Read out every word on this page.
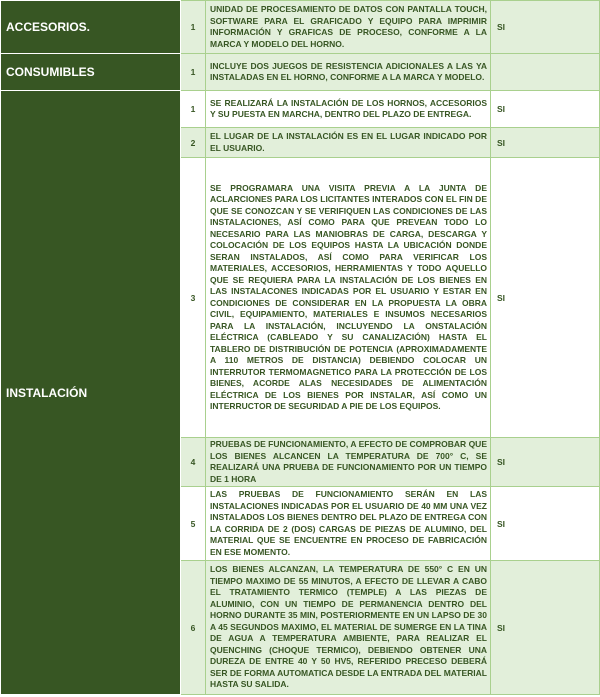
ACCESORIOS.	1	UNIDAD DE PROCESAMIENTO DE DATOS CON PANTALLA TOUCH, SOFTWARE PARA EL GRAFICADO Y EQUIPO PARA IMPRIMIR INFORMACIÓN Y GRAFICAS DE PROCESO, CONFORME A LA MARCA Y MODELO DEL HORNO.	SI
CONSUMIBLES	1	INCLUYE DOS JUEGOS DE RESISTENCIA ADICIONALES A LAS YA INSTALADAS EN EL HORNO, CONFORME A LA MARCA Y MODELO.	
INSTALACIÓN	1	SE REALIZARÁ LA INSTALACIÓN DE LOS HORNOS, ACCESORIOS Y SU PUESTA EN MARCHA, DENTRO DEL PLAZO DE ENTREGA.	SI
	2	EL LUGAR DE LA INSTALACIÓN ES EN EL LUGAR INDICADO POR EL USUARIO.	SI
	3	SE PROGRAMARA UNA VISITA PREVIA A LA JUNTA DE ACLARCIONES PARA LOS LICITANTES INTERADOS CON EL FIN DE QUE SE CONOZCAN Y SE VERIFIQUEN LAS CONDICIONES DE LAS INSTALACIONES, ASÍ COMO PARA QUE PREVEAN TODO LO NECESARIO PARA LAS MANIOBRAS DE CARGA, DESCARGA Y COLOCACIÓN DE LOS EQUIPOS HASTA LA UBICACIÓN DONDE SERAN INSTALADOS, ASÍ COMO PARA VERIFICAR LOS MATERIALES, ACCESORIOS, HERRAMIENTAS Y TODO AQUELLO QUE SE REQUIERA PARA LA INSTALACIÓN DE LOS BIENES EN LAS INSTALACONES INDICADAS POR EL USUARIO Y ESTAR EN CONDICIONES DE CONSIDERAR EN LA PROPUESTA LA OBRA CIVIL, EQUIPAMIENTO, MATERIALES E INSUMOS NECESARIOS PARA LA INSTALACIÓN, INCLUYENDO LA ONSTALACIÓN ELÉCTRICA (CABLEADO Y SU CANALIZACIÓN) HASTA EL TABLERO DE DISTRIBUCIÓN DE POTENCIA (APROXIMADAMENTE A 110 METROS DE DISTANCIA) DEBIENDO COLOCAR UN INTERRUTOR TERMOMAGNETICO PARA LA PROTECCIÓN DE LOS BIENES, ACORDE ALAS NECESIDADES DE ALIMENTACIÓN ELÉCTRICA DE LOS BIENES POR INSTALAR, ASÍ COMO UN INTERRUCTOR DE SEGURIDAD A PIE DE LOS EQUIPOS.	SI
	4	PRUEBAS DE FUNCIONAMIENTO, A EFECTO DE COMPROBAR QUE LOS BIENES ALCANCEN LA TEMPERATURA DE 700° C, SE REALIZARÁ UNA PRUEBA DE FUNCIONAMIENTO POR UN TIEMPO DE 1 HORA	SI
	5	LAS PRUEBAS DE FUNCIONAMIENTO SERÁN EN LAS INSTALACIONES INDICADAS POR EL USUARIO DE 40 MM UNA VEZ INSTALADOS LOS BIENES DENTRO DEL PLAZO DE ENTREGA CON LA CORRIDA DE 2 (DOS) CARGAS DE PIEZAS DE ALUMINO, DEL MATERIAL QUE SE ENCUENTRE EN PROCESO DE FABRICACIÓN EN ESE MOMENTO.	SI
	6	LOS BIENES ALCANZAN, LA TEMPERATURA DE 550° C EN UN TIEMPO MAXIMO DE 55 MINUTOS, A EFECTO DE LLEVAR A CABO EL TRATAMIENTO TERMICO (TEMPLE) A LAS PIEZAS DE ALUMINIO, CON UN TIEMPO DE PERMANENCIA DENTRO DEL HORNO DURANTE 35 MIN, POSTERIORMENTE EN UN LAPSO DE 30 A 45 SEGUNDOS MAXIMO, EL MATERIAL DE SUMERGE EN LA TINA DE AGUA A TEMPERATURA AMBIENTE, PARA REALIZAR EL QUENCHING (CHOQUE TERMICO), DEBIENDO OBTENER UNA DUREZA DE ENTRE 40 Y 50 HV5, REFERIDO PRECESO DEBERÁ SER DE FORMA AUTOMATICA DESDE LA ENTRADA DEL MATERIAL HASTA SU SALIDA.	SI
